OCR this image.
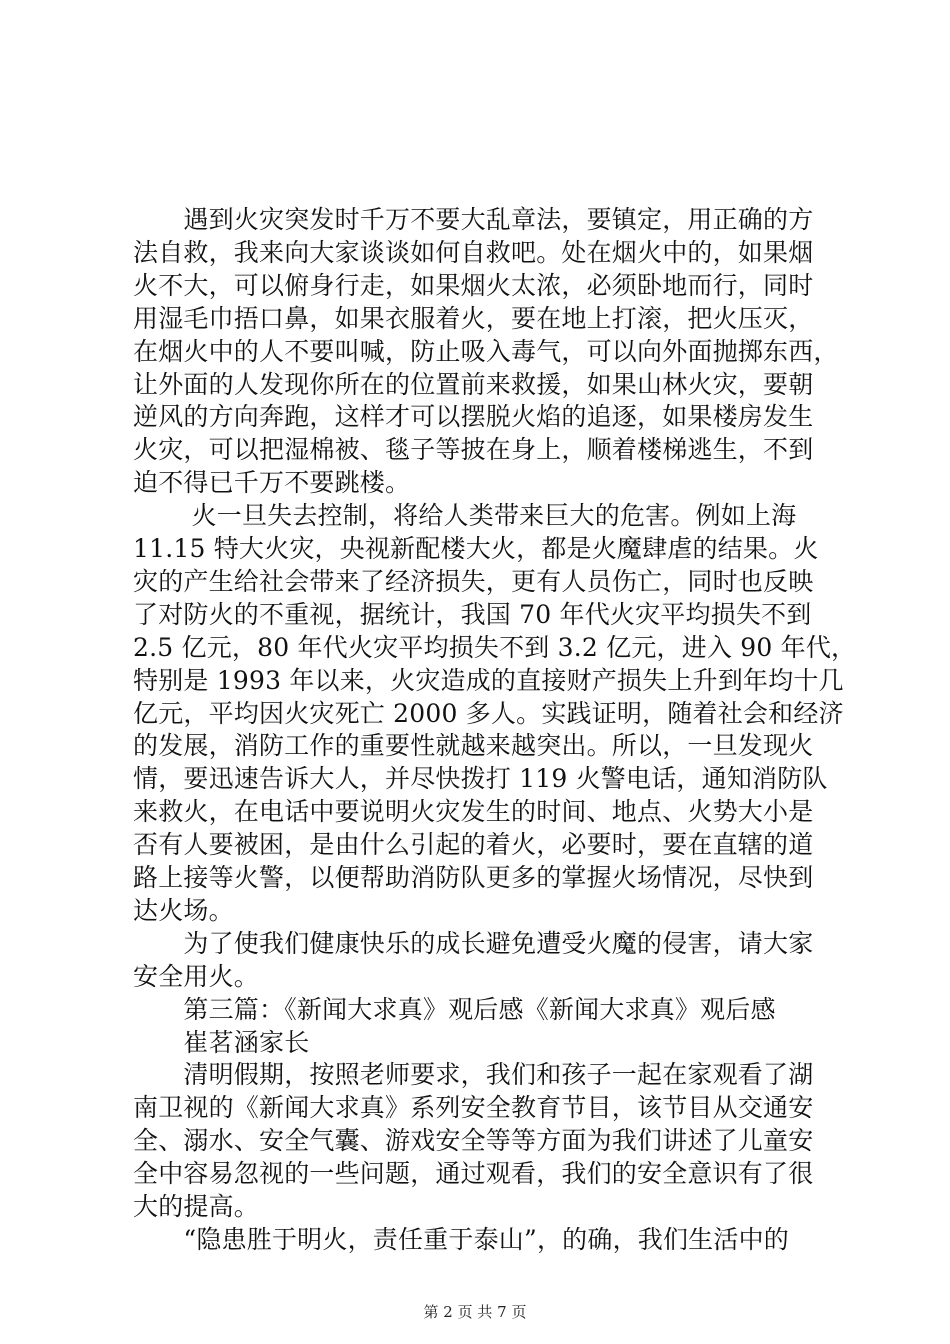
　　遇到火灾突发时千万不要大乱章法，要镇定，用正确的方
法自救，我来向大家谈谈如何自救吧。处在烟火中的，如果烟
火不大，可以俯身行走，如果烟火太浓，必须卧地而行，同时
用湿毛巾捂口鼻，如果衣服着火，要在地上打滚，把火压灭，
在烟火中的人不要叫喊，防止吸入毒气，可以向外面抛掷东西，
让外面的人发现你所在的位置前来救援，如果山林火灾，要朝
逆风的方向奔跑，这样才可以摆脱火焰的追逐，如果楼房发生
火灾，可以把湿棉被、毯子等披在身上，顺着楼梯逃生，不到
迫不得已千万不要跳楼。
　　 火一旦失去控制，将给人类带来巨大的危害。例如上海
11.15 特大火灾，央视新配楼大火，都是火魔肆虐的结果。火
灾的产生给社会带来了经济损失，更有人员伤亡，同时也反映
了对防火的不重视，据统计，我国 70 年代火灾平均损失不到
2.5 亿元，80 年代火灾平均损失不到 3.2 亿元，进入 90 年代，
特别是 1993 年以来，火灾造成的直接财产损失上升到年均十几
亿元，平均因火灾死亡 2000 多人。实践证明，随着社会和经济
的发展，消防工作的重要性就越来越突出。所以，一旦发现火
情，要迅速告诉大人，并尽快拨打 119 火警电话，通知消防队
来救火，在电话中要说明火灾发生的时间、地点、火势大小是
否有人要被困，是由什么引起的着火，必要时，要在直辖的道
路上接等火警，以便帮助消防队更多的掌握火场情况，尽快到
达火场。
　　为了使我们健康快乐的成长避免遭受火魔的侵害，请大家
安全用火。
　　第三篇：《新闻大求真》观后感《新闻大求真》观后感
　　崔茗涵家长
　　清明假期，按照老师要求，我们和孩子一起在家观看了湖
南卫视的《新闻大求真》系列安全教育节目，该节目从交通安
全、溺水、安全气囊、游戏安全等等方面为我们讲述了儿童安
全中容易忽视的一些问题，通过观看，我们的安全意识有了很
大的提高。
　　“隐患胜于明火，责任重于泰山”，的确，我们生活中的
第 2 页 共 7 页
